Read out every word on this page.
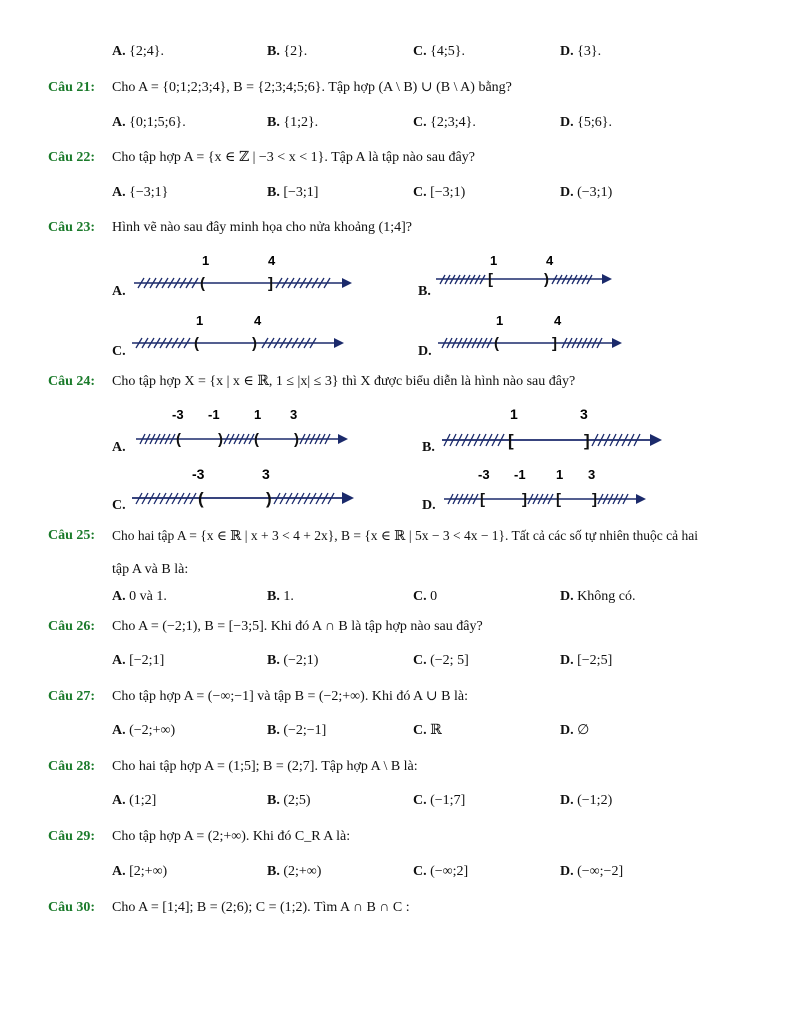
A. {2;4}.	B. {2}.	C. {4;5}.	D. {3}.
Câu 21: Cho A = {0;1;2;3;4}, B = {2;3;4;5;6}. Tập hợp (A \ B) ∪ (B \ A) bằng?
A. {0;1;5;6}.	B. {1;2}.	C. {2;3;4}.	D. {5;6}.
Câu 22: Cho tập hợp A = {x ∈ ℤ | −3 < x < 1}. Tập A là tập nào sau đây?
A. {−3;1}	B. [−3;1]	C. [−3;1)	D. (−3;1)
Câu 23: Hình vẽ nào sau đây minh họa cho nửa khoảng (1;4]?
A.
1	4
(	]	B.
1	4
[	)
C.
1	4
(	)	D.
1	4
(	]
Câu 24: Cho tập hợp X = {x | x ∈ ℝ, 1 ≤ |x| ≤ 3} thì X được biểu diễn là hình nào sau đây?
A.
-3 -1	1 3
( ) ( )	B.
1	3
[	]
C.
-3	3
(	)	D.
-3 -1 1 3
[ ] [ ]
Câu 25: Cho hai tập A = {x ∈ ℝ | x + 3 < 4 + 2x}, B = {x ∈ ℝ | 5x − 3 < 4x − 1}. Tất cả các số tự nhiên thuộc cả hai
tập A và B là:
A. 0 và 1.	B. 1.	C. 0	D. Không có.
Câu 26: Cho A = (−2;1), B = [−3;5]. Khi đó A ∩ B là tập hợp nào sau đây?
A. [−2;1]	B. (−2;1)	C. (−2; 5]	D. [−2;5]
Câu 27: Cho tập hợp A = (−∞;−1] và tập B = (−2;+∞). Khi đó A ∪ B là:
A. (−2;+∞)	B. (−2;−1]	C. ℝ	D. ∅
Câu 28: Cho hai tập hợp A = (1;5]; B = (2;7]. Tập hợp A \ B là:
A. (1;2]	B. (2;5)	C. (−1;7]	D. (−1;2)
Câu 29: Cho tập hợp A = (2;+∞). Khi đó C_R A là:
A. [2;+∞)	B. (2;+∞)	C. (−∞;2]	D. (−∞;−2]
Câu 30: Cho A = [1;4]; B = (2;6); C = (1;2). Tìm A ∩ B ∩ C :
